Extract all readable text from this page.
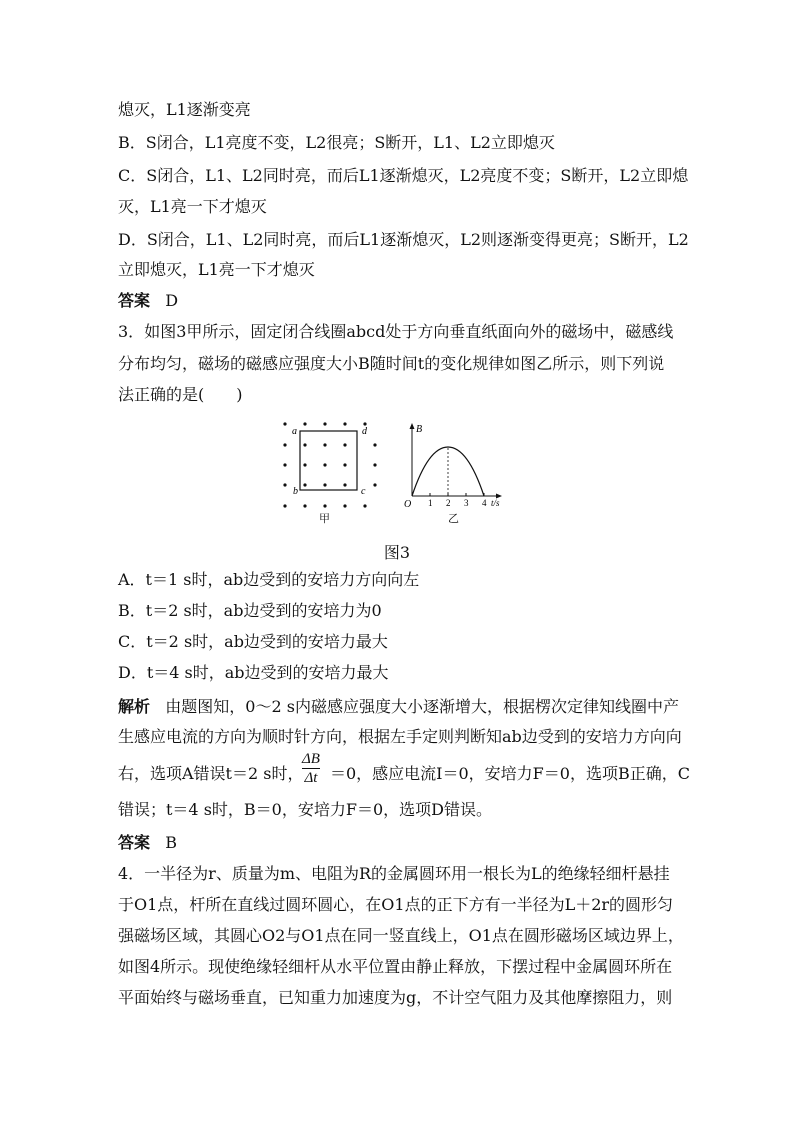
熄灭，L1逐渐变亮
B．S闭合，L1亮度不变，L2很亮；S断开，L1、L2立即熄灭
C．S闭合，L1、L2同时亮，而后L1逐渐熄灭，L2亮度不变；S断开，L2立即熄
灭，L1亮一下才熄灭
D．S闭合，L1、L2同时亮，而后L1逐渐熄灭，L2则逐渐变得更亮；S断开，L2
立即熄灭，L1亮一下才熄灭
答案 D
3．如图3甲所示，固定闭合线圈abcd处于方向垂直纸面向外的磁场中，磁感线
分布均匀，磁场的磁感应强度大小B随时间t的变化规律如图乙所示，则下列说
法正确的是(　　)
a	d
b	c
甲
B
O 1 2 3 4 t/s
乙
图3
A．t＝1 s时，ab边受到的安培力方向向左
B．t＝2 s时，ab边受到的安培力为0
C．t＝2 s时，ab边受到的安培力最大
D．t＝4 s时，ab边受到的安培力最大
解析 由题图知，0～2 s内磁感应强度大小逐渐增大，根据楞次定律知线圈中产
生感应电流的方向为顺时针方向，根据左手定则判断知ab边受到的安培力方向向
右，选项A错误t＝2 s时，
ΔB
Δt ＝0，感应电流I＝0，安培力F＝0，选项B正确，C
错误；t＝4 s时，B＝0，安培力F＝0，选项D错误。
答案 B
4．一半径为r、质量为m、电阻为R的金属圆环用一根长为L的绝缘轻细杆悬挂
于O1点，杆所在直线过圆环圆心，在O1点的正下方有一半径为L＋2r的圆形匀
强磁场区域，其圆心O2与O1点在同一竖直线上，O1点在圆形磁场区域边界上，
如图4所示。现使绝缘轻细杆从水平位置由静止释放，下摆过程中金属圆环所在
平面始终与磁场垂直，已知重力加速度为g，不计空气阻力及其他摩擦阻力，则
